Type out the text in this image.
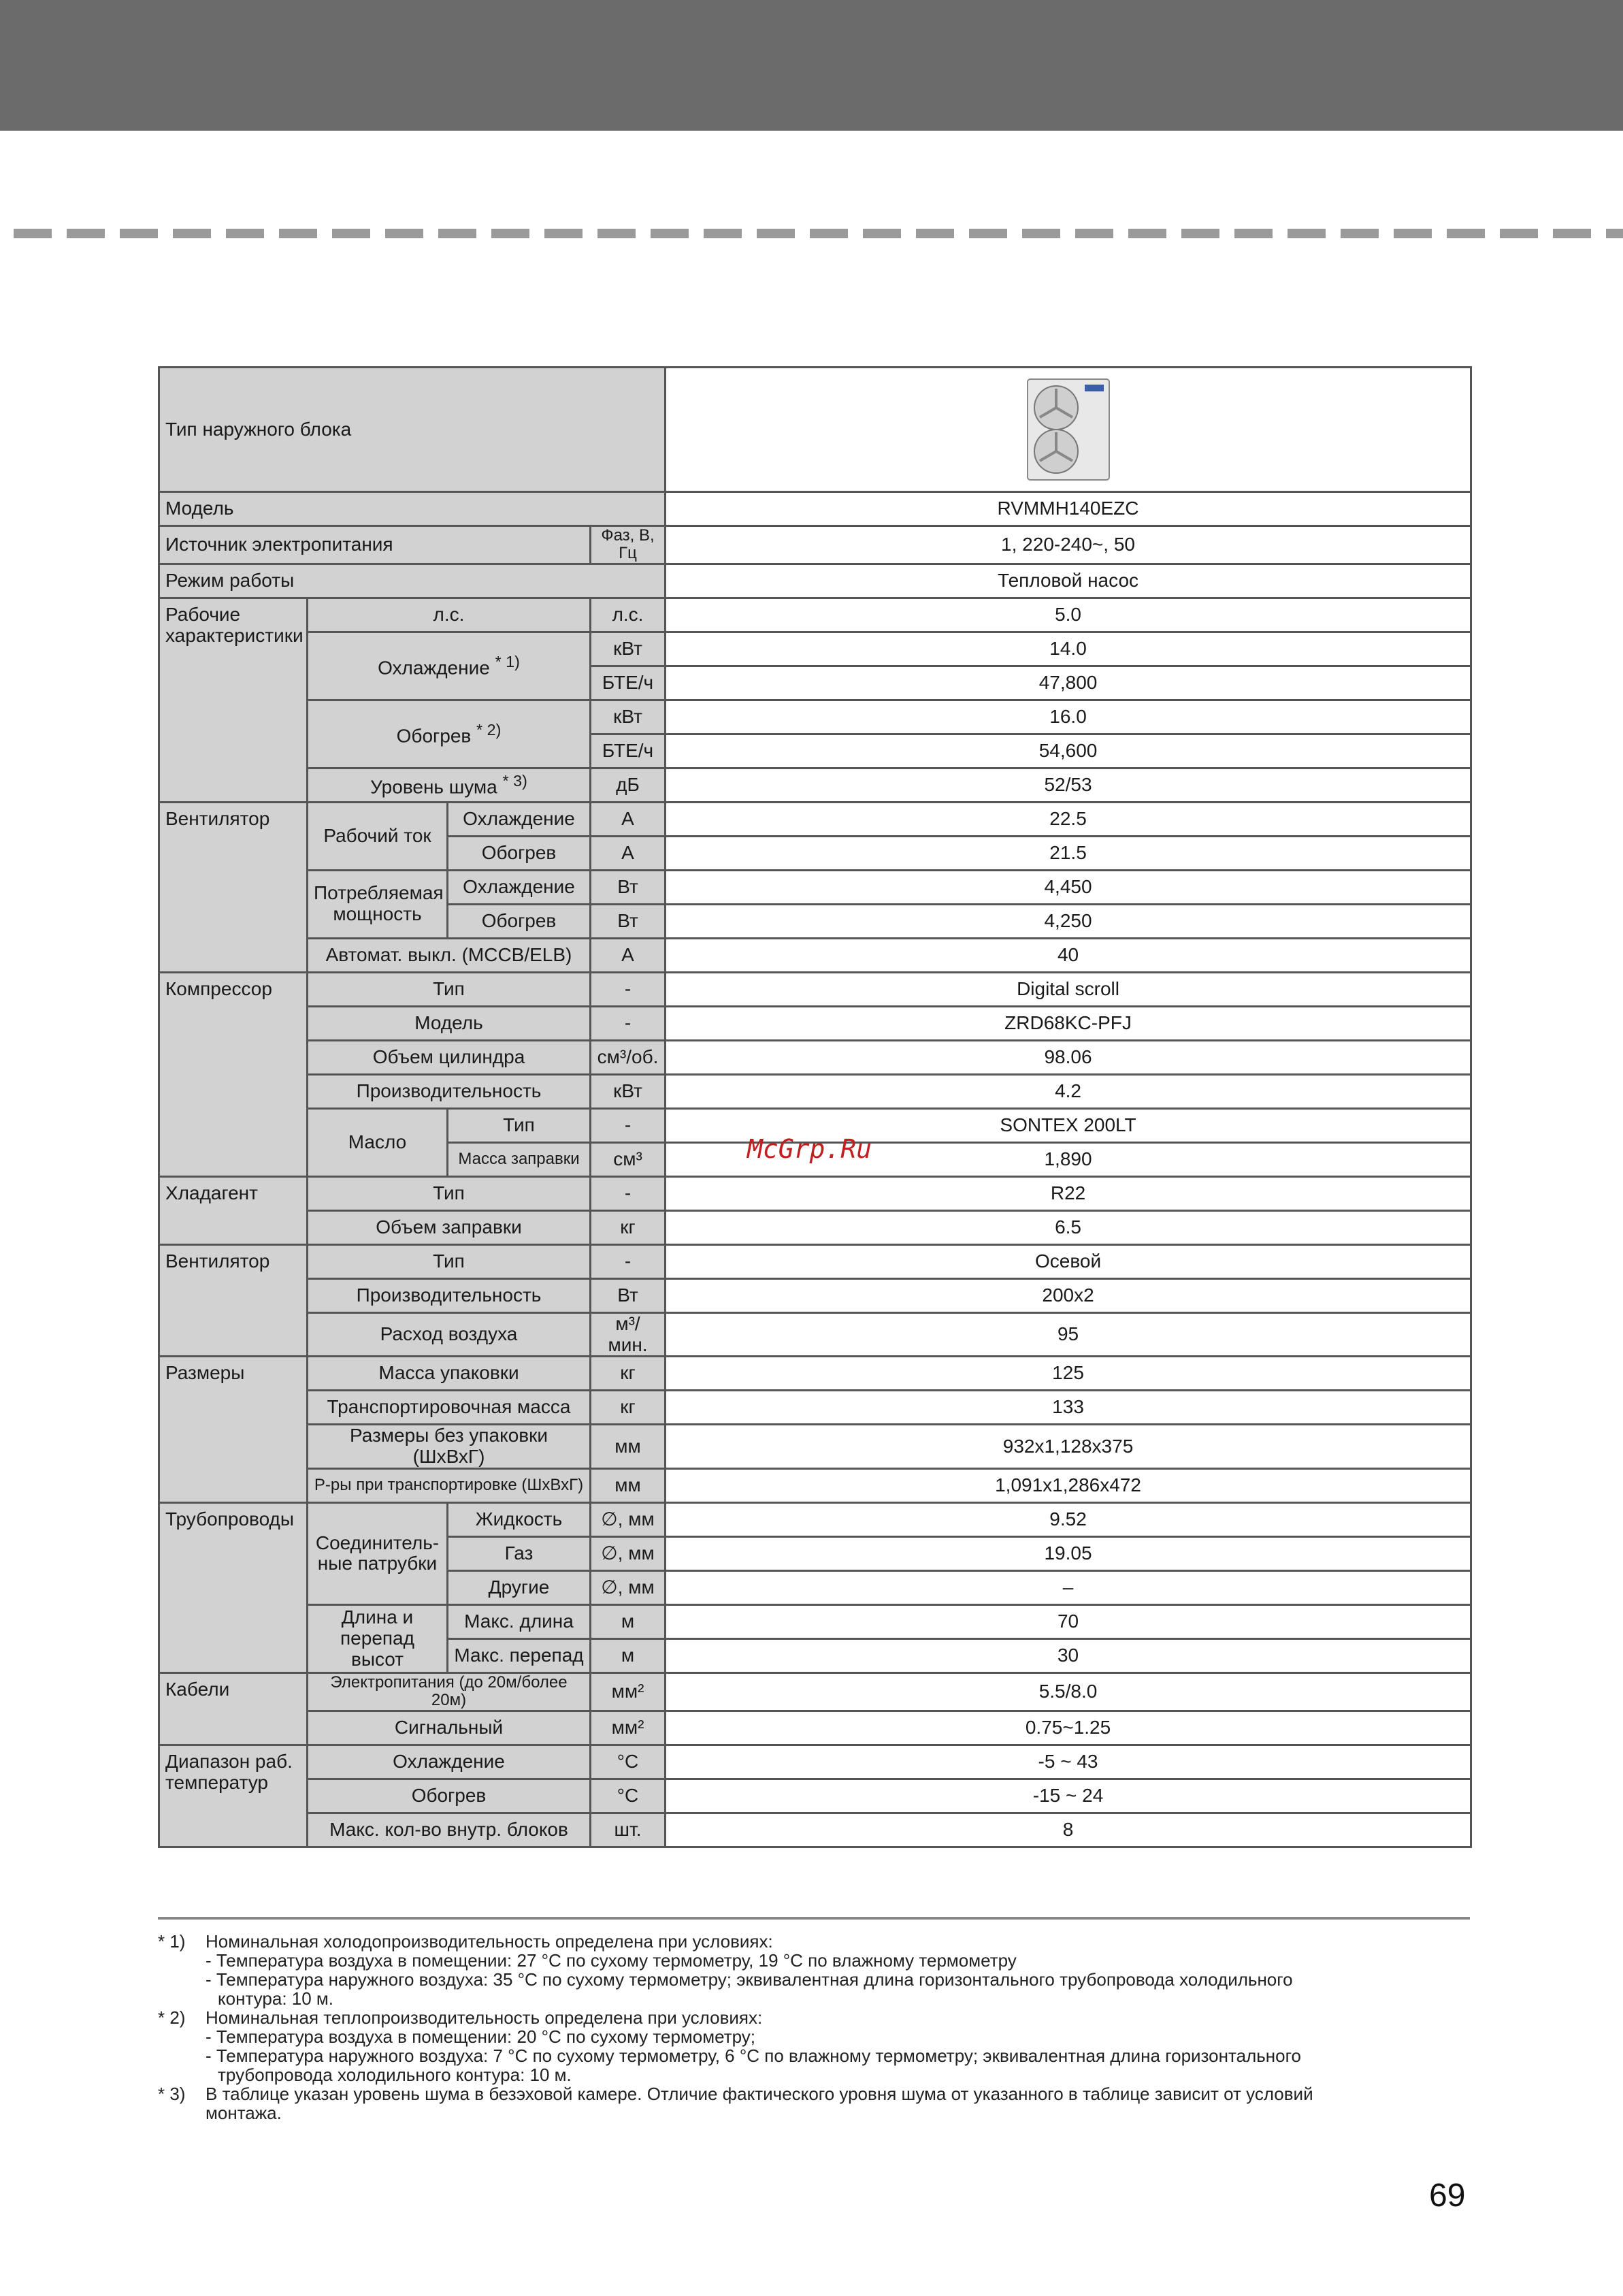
Тип наружного блока	

Модель				RVMMH140EZC
Источник электропитания			Фаз, В, Гц	1, 220-240~, 50
Режим работы				Тепловой насос
Рабочие характеристики	л.с.		л.с.	5.0
	Охлаждение $^{* 1)}$		кВт	14.0
			БТЕ/ч	47,800
	Обогрев $^{* 2)}$		кВт	16.0
			БТЕ/ч	54,600
	Уровень шума $^{* 3)}$		дБ	52/53
Вентилятор	Рабочий ток	Охлаждение	А	22.5
		Обогрев	А	21.5
	Потребляемая мощность	Охлаждение	Вт	4,450
		Обогрев	Вт	4,250
	Автомат. выкл. (MCCB/ELB)		А	40
Компрессор	Тип		-	Digital scroll
	Модель		-	ZRD68KC-PFJ
	Объем цилиндра		см³/об.	98.06
	Производительность		кВт	4.2
	Масло	Тип	-	SONTEX 200LT
		Масса заправки	см³	1,890
Хладагент	Тип		-	R22
	Объем заправки		кг	6.5
Вентилятор	Тип		-	Осевой
	Производительность		Вт	200x2
	Расход воздуха		м³/мин.	95
Размеры	Масса упаковки		кг	125
	Транспортировочная масса		кг	133
	Размеры без упаковки (ШхВхГ)		мм	932x1,128x375
	Р-ры при транспортировке (ШхВхГ)		мм	1,091x1,286x472
Трубопроводы	Соединитель-ные патрубки	Жидкость	∅, мм	9.52
		Газ	∅, мм	19.05
		Другие	∅, мм	–
	Длина и перепад высот	Макс. длина	м	70
		Макс. перепад	м	30
Кабели	Электропитания (до 20м/более 20м)		мм²	5.5/8.0
	Сигнальный		мм²	0.75~1.25
Диапазон раб. температур	Охлаждение		°C	-5 ~ 43
	Обогрев		°C	-15 ~ 24
	Макс. кол-во внутр. блоков		шт.	8
McGrp.Ru
* 1)	Номинальная холодопроизводительность определена при условиях:
- Температура воздуха в помещении: 27 °C по сухому термометру, 19 °C по влажному термометру
- Температура наружного воздуха: 35 °C по сухому термометру; эквивалентная длина горизонтального трубопровода холодильного
контура: 10 м.
* 2)	Номинальная теплопроизводительность определена при условиях:
- Температура воздуха в помещении: 20 °C по сухому термометру;
- Температура наружного воздуха: 7 °C по сухому термометру, 6 °C по влажному термометру; эквивалентная длина горизонтального
трубопровода холодильного контура: 10 м.
* 3)	В таблице указан уровень шума в безэховой камере. Отличие фактического уровня шума от указанного в таблице зависит от условий
монтажа.
69
